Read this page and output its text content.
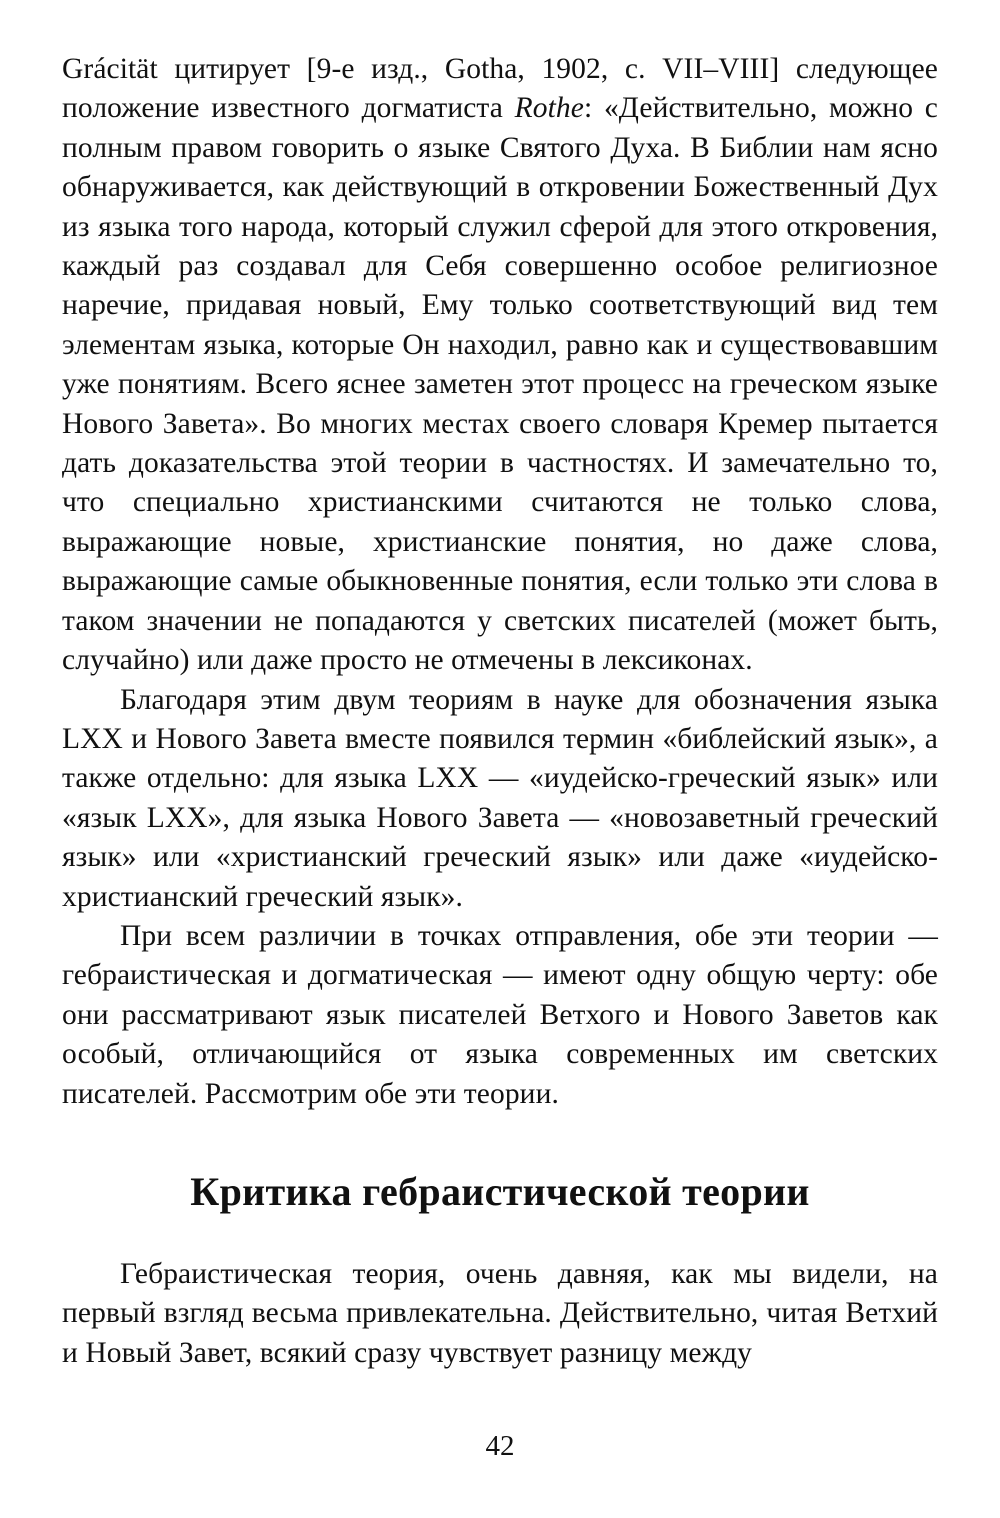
Grácität цитирует [9-е изд., Gotha, 1902, с. VII–VIII] следующее положение известного догматиста Rothe: «Действительно, можно с полным правом говорить о языке Святого Духа. В Библии нам ясно обнаруживается, как действующий в откровении Божественный Дух из языка того народа, который служил сферой для этого откровения, каждый раз создавал для Себя совершенно особое религиозное наречие, придавая новый, Ему только соответствующий вид тем элементам языка, которые Он находил, равно как и существовавшим уже понятиям. Всего яснее заметен этот процесс на греческом языке Нового Завета». Во многих местах своего словаря Кремер пытается дать доказательства этой теории в частностях. И замечательно то, что специально христианскими считаются не только слова, выражающие новые, христианские понятия, но даже слова, выражающие самые обыкновенные понятия, если только эти слова в таком значении не попадаются у светских писателей (может быть, случайно) или даже просто не отмечены в лексиконах.

Благодаря этим двум теориям в науке для обозначения языка LXX и Нового Завета вместе появился термин «библейский язык», а также отдельно: для языка LXX — «иудейско-греческий язык» или «язык LXX», для языка Нового Завета — «новозаветный греческий язык» или «христианский греческий язык» или даже «иудейско-христианский греческий язык».

При всем различии в точках отправления, обе эти теории — гебраистическая и догматическая — имеют одну общую черту: обе они рассматривают язык писателей Ветхого и Нового Заветов как особый, отличающийся от языка современных им светских писателей. Рассмотрим обе эти теории.

Критика гебраистической теории

Гебраистическая теория, очень давняя, как мы видели, на первый взгляд весьма привлекательна. Действительно, читая Ветхий и Новый Завет, всякий сразу чувствует разницу между

42
